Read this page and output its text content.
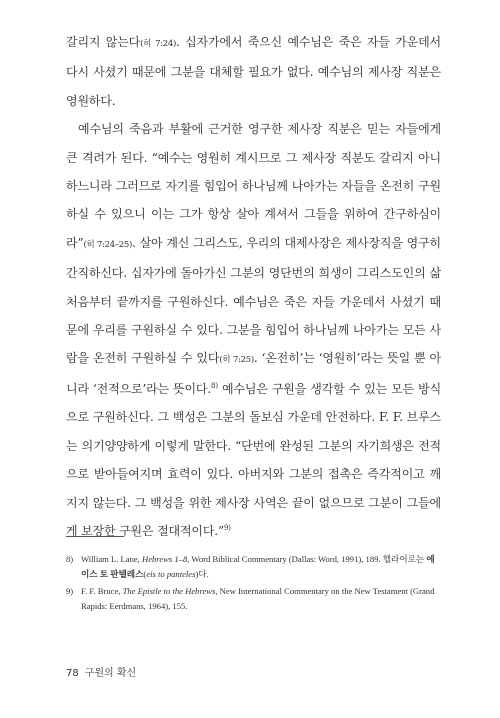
갈리지 않는다(히 7:24). 십자가에서 죽으신 예수님은 죽은 자들 가운데서 다시 사셨기 때문에 그분을 대체할 필요가 없다. 예수님의 제사장 직분은 영원하다.

예수님의 죽음과 부활에 근거한 영구한 제사장 직분은 믿는 자들에게 큰 격려가 된다. “예수는 영원히 계시므로 그 제사장 직분도 갈리지 아니하느니라 그러므로 자기를 힘입어 하나님께 나아가는 자들을 온전히 구원하실 수 있으니 이는 그가 항상 살아 계셔서 그들을 위하여 간구하심이라”(히 7:24–25). 살아 계신 그리스도, 우리의 대제사장은 제사장직을 영구히 간직하신다. 십자가에 돌아가신 그분의 영단번의 희생이 그리스도인의 삶 처음부터 끝까지를 구원하신다. 예수님은 죽은 자들 가운데서 사셨기 때문에 우리를 구원하실 수 있다. 그분을 힘입어 하나님께 나아가는 모든 사람을 온전히 구원하실 수 있다(히 7:25). ‘온전히’는 ‘영원히’라는 뜻일 뿐 아니라 ‘전적으로’라는 뜻이다.$^{8)}$ 예수님은 구원을 생각할 수 있는 모든 방식으로 구원하신다. 그 백성은 그분의 돌보심 가운데 안전하다. F. F. 브루스는 의기양양하게 이렇게 말한다. “단번에 완성된 그분의 자기희생은 전적으로 받아들여지며 효력이 있다. 아버지와 그분의 접촉은 즉각적이고 깨지지 않는다. 그 백성을 위한 제사장 사역은 끝이 없으므로 그분이 그들에게 보장한 구원은 절대적이다.”$^{9)}$

8) William L. Lane, Hebrews 1–8, Word Biblical Commentary (Dallas: Word, 1991), 189. 헬라어로는 에이스 토 판텔레스(eis to panteles)다.
9) F. F. Bruce, The Epistle to the Hebrews, New International Commentary on the New Testament (Grand Rapids: Eerdmans, 1964), 155.
78 구원의 확신
